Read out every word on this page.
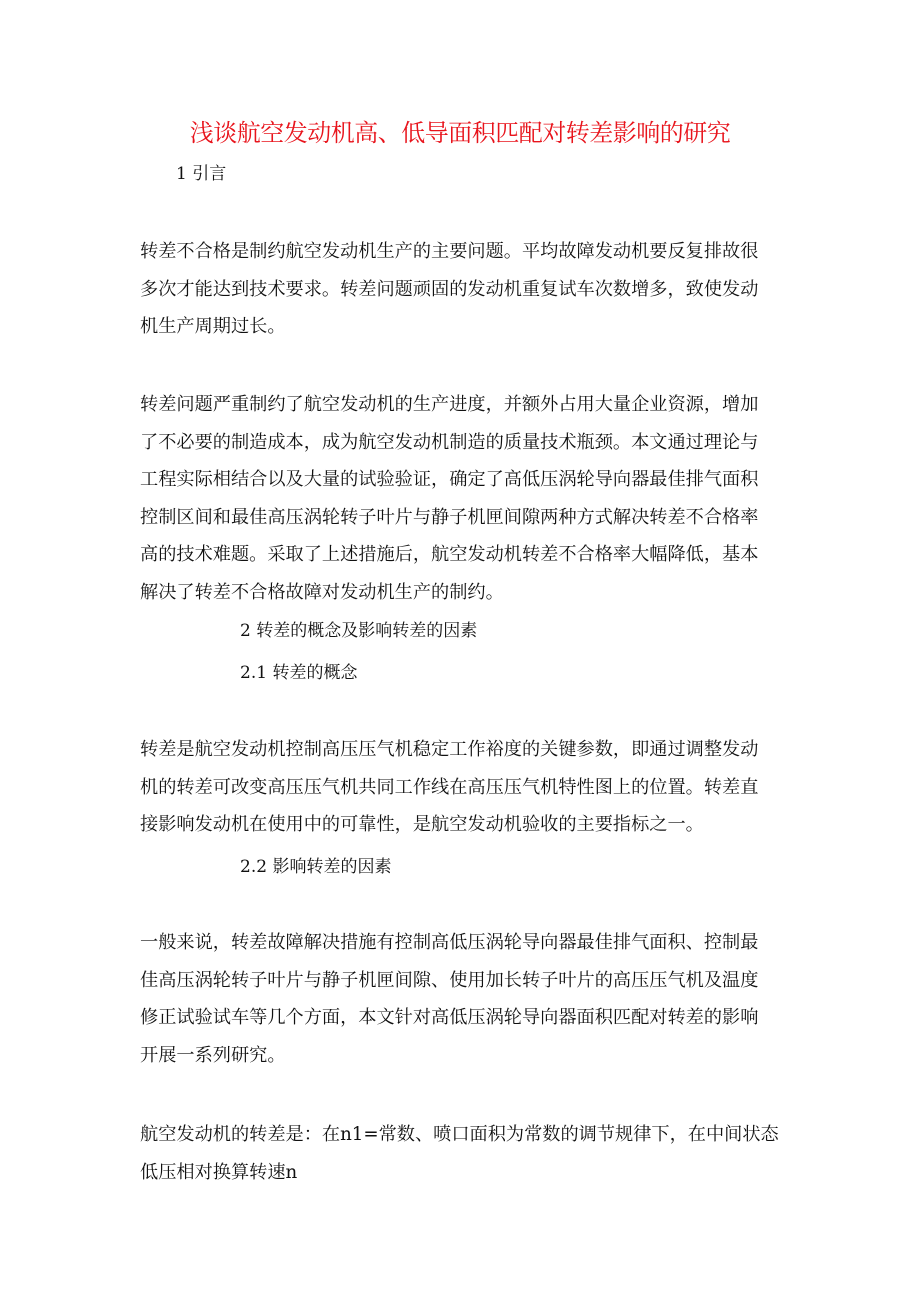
浅谈航空发动机高、低导面积匹配对转差影响的研究
1 引言
转差不合格是制约航空发动机生产的主要问题。平均故障发动机要反复排故很
多次才能达到技术要求。转差问题顽固的发动机重复试车次数增多，致使发动
机生产周期过长。
转差问题严重制约了航空发动机的生产进度，并额外占用大量企业资源，增加
了不必要的制造成本，成为航空发动机制造的质量技术瓶颈。本文通过理论与
工程实际相结合以及大量的试验验证，确定了高低压涡轮导向器最佳排气面积
控制区间和最佳高压涡轮转子叶片与静子机匣间隙两种方式解决转差不合格率
高的技术难题。采取了上述措施后，航空发动机转差不合格率大幅降低，基本
解决了转差不合格故障对发动机生产的制约。
2 转差的概念及影响转差的因素
2.1 转差的概念
转差是航空发动机控制高压压气机稳定工作裕度的关键参数，即通过调整发动
机的转差可改变高压压气机共同工作线在高压压气机特性图上的位置。转差直
接影响发动机在使用中的可靠性，是航空发动机验收的主要指标之一。
2.2 影响转差的因素
一般来说，转差故障解决措施有控制高低压涡轮导向器最佳排气面积、控制最
佳高压涡轮转子叶片与静子机匣间隙、使用加长转子叶片的高压压气机及温度
修正试验试车等几个方面，本文针对高低压涡轮导向器面积匹配对转差的影响
开展一系列研究。
航空发动机的转差是：在n1=常数、喷口面积为常数的调节规律下，在中间状态
低压相对换算转速n
